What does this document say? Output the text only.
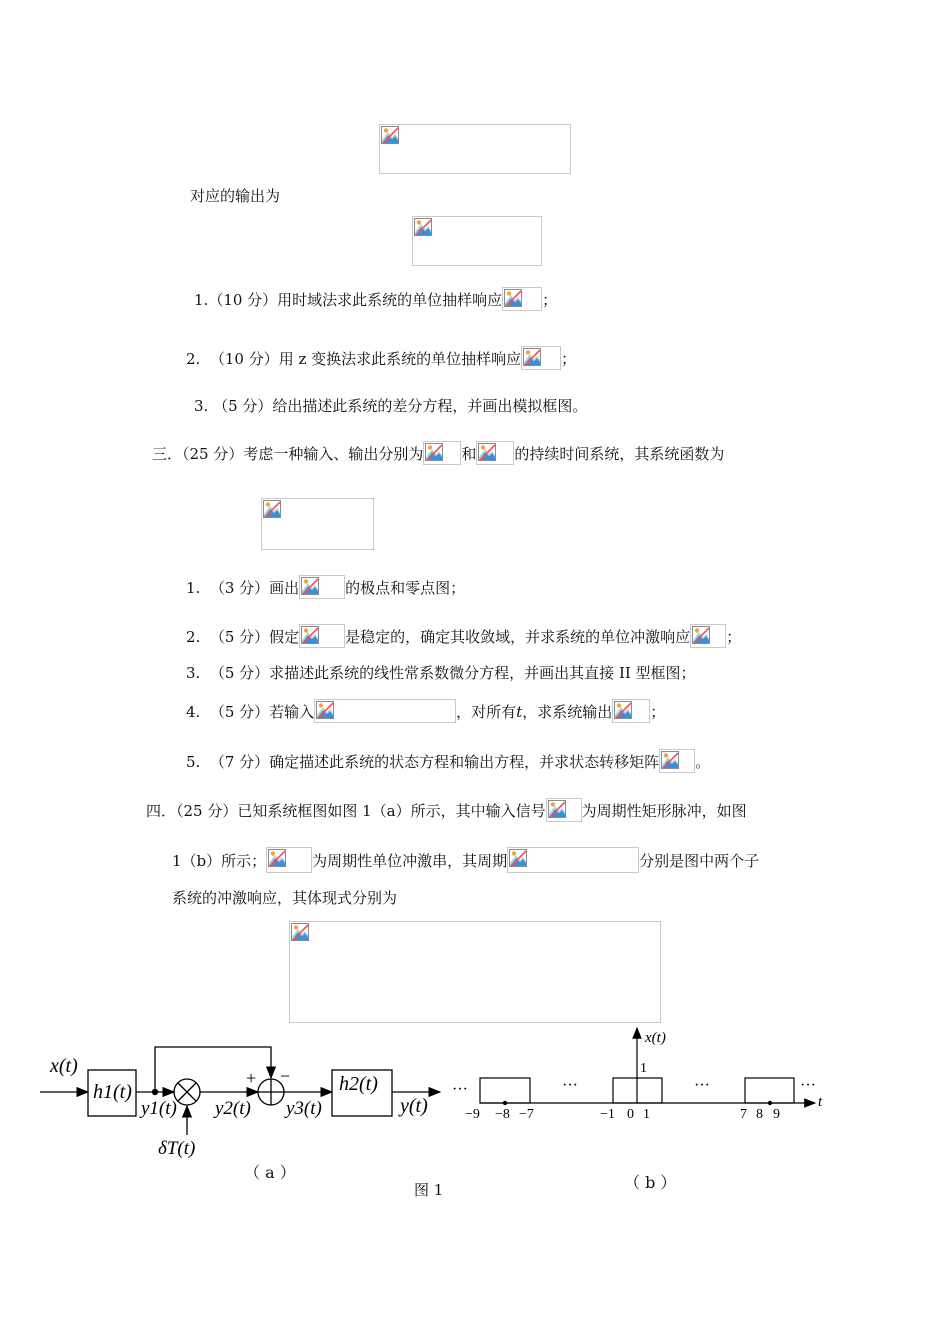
对应的输出为
1.（10 分）用时域法求此系统的单位抽样响应	；
2. （10 分）用 z 变换法求此系统的单位抽样响应	；
3. （5 分）给出描述此系统的差分方程，并画出模拟框图。
三．（25 分）考虑一种输入、输出分别为	和	的持续时间系统，其系统函数为
1. （3 分）画出	的极点和零点图；
2. （5 分）假定	是稳定的，确定其收敛域，并求系统的单位冲激响应 ；
3. （5 分）求描述此系统的线性常系数微分方程，并画出其直接 II 型框图；
4. （5 分）若输入	，对所有t，求系统输出	；
5. （7 分）确定描述此系统的状态方程和输出方程，并求状态转移矩阵 。
四．（25 分）已知系统框图如图 1（a）所示，其中输入信号 为周期性矩形脉冲，如图
1（b）所示；	为周期性单位冲激串，其周期	分别是图中两个子
系统的冲激响应，其体现式分别为
x(t)
h1(t)	h2(t)
y1(t) y2(t) y3(t)	y(t)
δT(t)
+ −
（ a ）
x(t)
t
1
···	···	···	···
−9 −8 −7	−1 0 1	7 8 9
（ b ）
图 1
